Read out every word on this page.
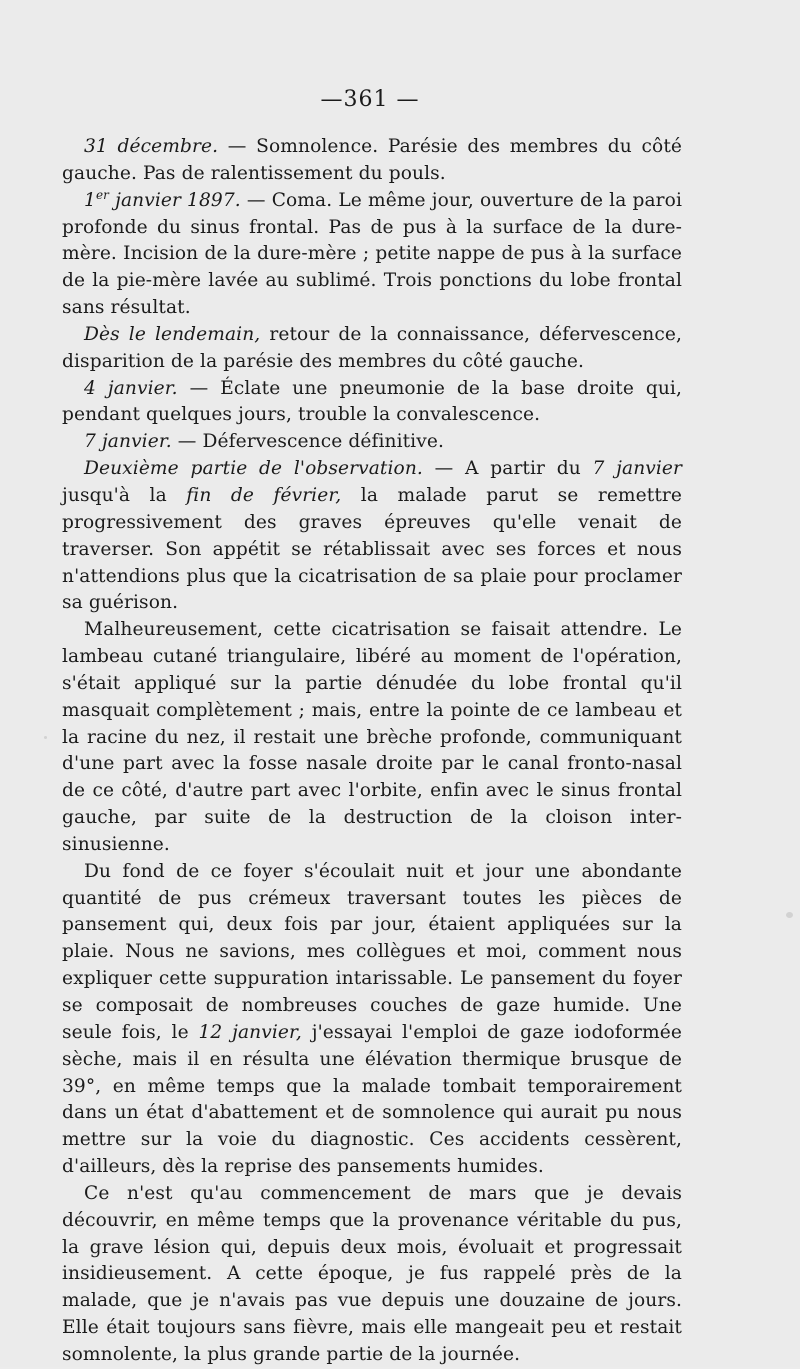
—361 —

31 décembre. — Somnolence. Parésie des membres du côté gauche. Pas de ralentissement du pouls.

1er janvier 1897. — Coma. Le même jour, ouverture de la paroi profonde du sinus frontal. Pas de pus à la surface de la dure-mère. Incision de la dure-mère ; petite nappe de pus à la surface de la pie-mère lavée au sublimé. Trois ponctions du lobe frontal sans résultat.

Dès le lendemain, retour de la connaissance, défervescence, disparition de la parésie des membres du côté gauche.

4 janvier. — Éclate une pneumonie de la base droite qui, pendant quelques jours, trouble la convalescence.

7 janvier. — Défervescence définitive.

Deuxième partie de l'observation. — A partir du 7 janvier jusqu'à la fin de février, la malade parut se remettre progressivement des graves épreuves qu'elle venait de traverser. Son appétit se rétablissait avec ses forces et nous n'attendions plus que la cicatrisation de sa plaie pour proclamer sa guérison.

Malheureusement, cette cicatrisation se faisait attendre. Le lambeau cutané triangulaire, libéré au moment de l'opération, s'était appliqué sur la partie dénudée du lobe frontal qu'il masquait complètement ; mais, entre la pointe de ce lambeau et la racine du nez, il restait une brèche profonde, communiquant d'une part avec la fosse nasale droite par le canal fronto-nasal de ce côté, d'autre part avec l'orbite, enfin avec le sinus frontal gauche, par suite de la destruction de la cloison inter-sinusienne.

Du fond de ce foyer s'écoulait nuit et jour une abondante quantité de pus crémeux traversant toutes les pièces de pansement qui, deux fois par jour, étaient appliquées sur la plaie. Nous ne savions, mes collègues et moi, comment nous expliquer cette suppuration intarissable. Le pansement du foyer se composait de nombreuses couches de gaze humide. Une seule fois, le 12 janvier, j'essayai l'emploi de gaze iodoformée sèche, mais il en résulta une élévation thermique brusque de 39°, en même temps que la malade tombait temporairement dans un état d'abattement et de somnolence qui aurait pu nous mettre sur la voie du diagnostic. Ces accidents cessèrent, d'ailleurs, dès la reprise des pansements humides.

Ce n'est qu'au commencement de mars que je devais découvrir, en même temps que la provenance véritable du pus, la grave lésion qui, depuis deux mois, évoluait et progressait insidieusement. A cette époque, je fus rappelé près de la malade, que je n'avais pas vue depuis une douzaine de jours. Elle était toujours sans fièvre, mais elle mangeait peu et restait somnolente, la plus grande partie de la journée.
